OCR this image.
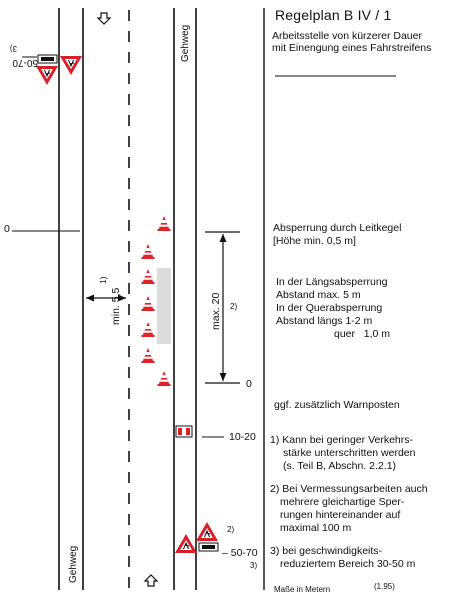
Gehweg
Gehweg
min. 5,5
1)
max. 20
50-70
3)
Regelplan B IV / 1
Arbeitsstelle von kürzerer Dauer
mit Einengung eines Fahrstreifens
0
2)
0
10-20
– 50-70
3)
2)
Absperrung durch Leitkegel
[Höhe min. 0,5 m]
In der Längsabsperrung
Abstand max. 5 m
In der Querabsperrung
Abstand längs 1-2 m
quer   1,0 m
ggf. zusätzlich Warnposten
1) Kann bei geringer Verkehrs-
stärke unterschritten werden
(s. Teil B, Abschn. 2.2.1)
2) Bei Vermessungsarbeiten auch
mehrere gleichartige Sper-
rungen hintereinander auf
maximal 100 m
3) bei geschwindigkeits-
reduziertem Bereich 30-50 m
Maße in Metern	(1.95)
